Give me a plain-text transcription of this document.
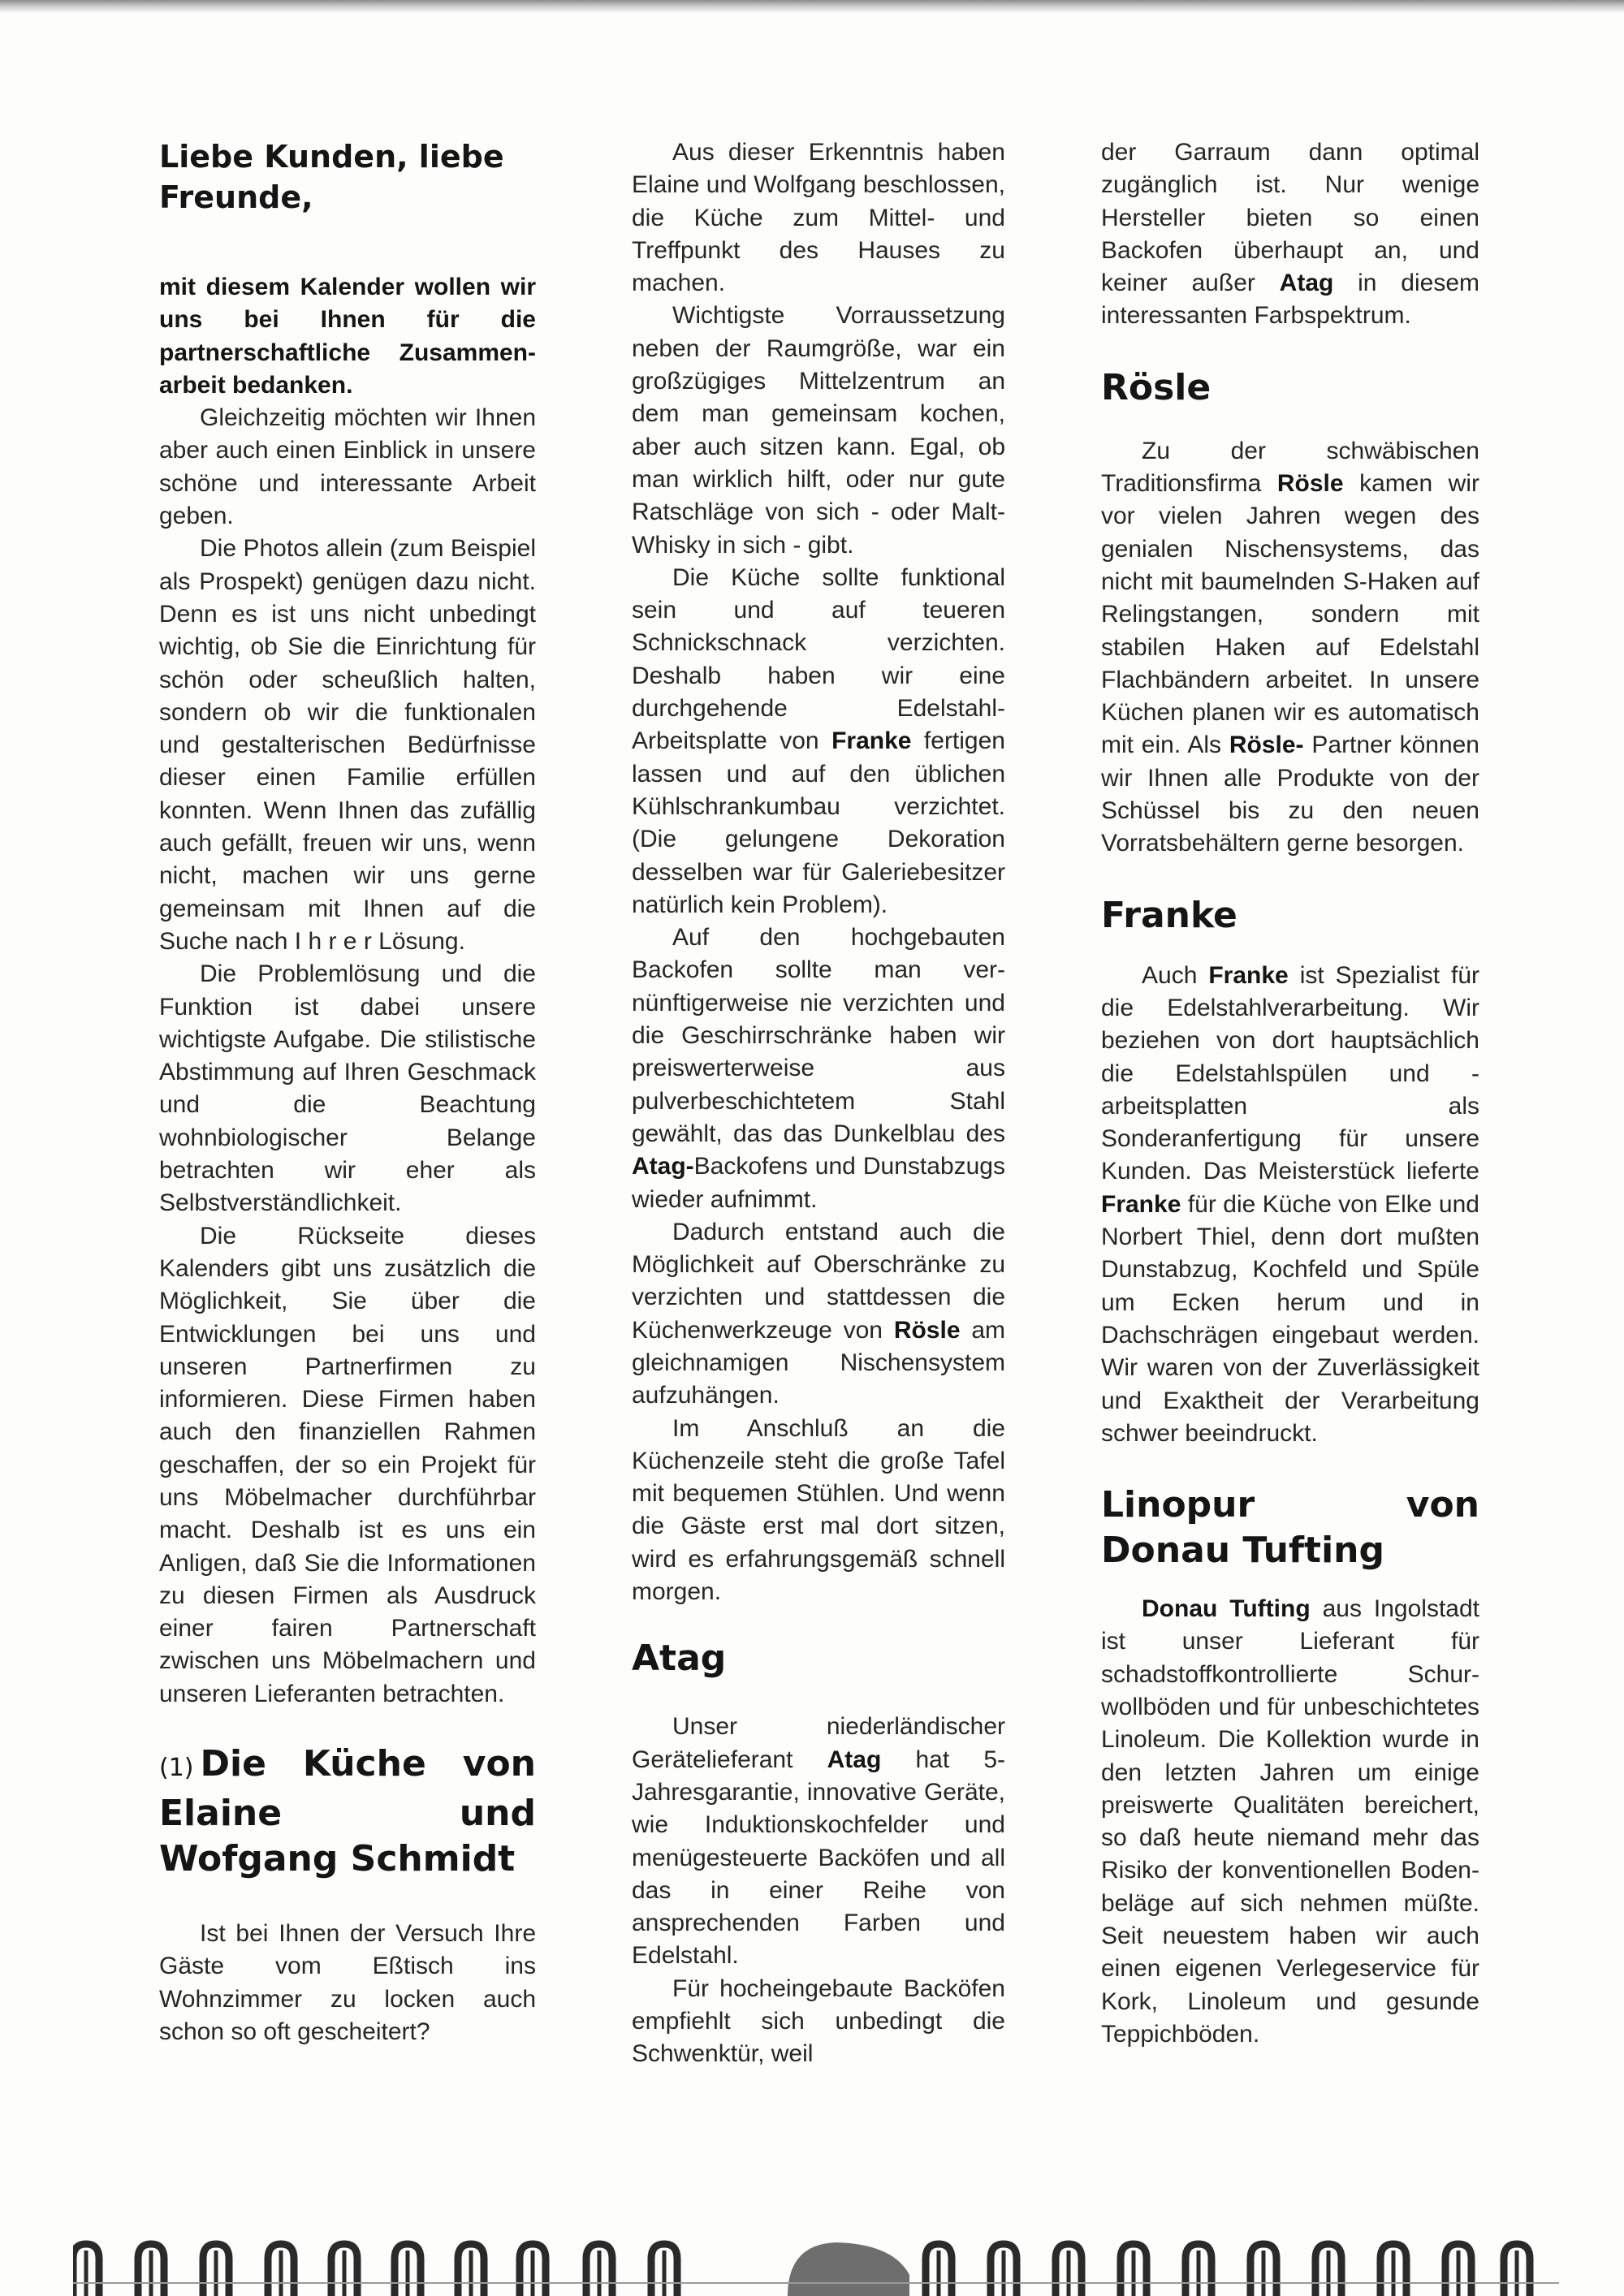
Liebe Kunden, liebe Freunde,

mit diesem Kalender wollen wir uns bei Ihnen für die partnerschaftliche Zusammenarbeit bedanken.

Gleichzeitig möchten wir Ihnen aber auch einen Einblick in unsere schöne und interessante Arbeit geben.

Die Photos allein (zum Beispiel als Prospekt) genügen dazu nicht. Denn es ist uns nicht unbedingt wichtig, ob Sie die Einrichtung für schön oder scheußlich halten, sondern ob wir die funktionalen und gestalterischen Bedürfnisse dieser einen Familie erfüllen konnten. Wenn Ihnen das zufällig auch gefällt, freuen wir uns, wenn nicht, machen wir uns gerne gemeinsam mit Ihnen auf die Suche nach I h r e r Lösung.

Die Problemlösung und die Funktion ist dabei unsere wichtigste Aufgabe. Die stilistische Abstimmung auf Ihren Geschmack und die Beachtung wohnbiologischer Belange betrachten wir eher als Selbstverständlichkeit.

Die Rückseite dieses Kalenders gibt uns zusätzlich die Möglichkeit, Sie über die Entwicklungen bei uns und unseren Partnerfirmen zu informieren. Diese Firmen haben auch den finanziellen Rahmen geschaffen, der so ein Projekt für uns Möbelmacher durchführbar macht. Deshalb ist es uns ein Anligen, daß Sie die Informationen zu diesen Firmen als Ausdruck einer fairen Partnerschaft zwischen uns Möbelmachern und unseren Lieferanten betrachten.

(1) Die Küche von Elaine und Wofgang Schmidt

Ist bei Ihnen der Versuch Ihre Gäste vom Eßtisch ins Wohnzimmer zu locken auch schon so oft gescheitert?

Aus dieser Erkenntnis haben Elaine und Wolfgang beschlossen, die Küche zum Mittel- und Treffpunkt des Hauses zu machen.

Wichtigste Vorraussetzung neben der Raumgröße, war ein großzügiges Mittelzentrum an dem man gemeinsam kochen, aber auch sitzen kann. Egal, ob man wirklich hilft, oder nur gute Ratschläge von sich - oder Malt-Whisky in sich - gibt.

Die Küche sollte funktional sein und auf teueren Schnickschnack verzichten. Deshalb haben wir eine durchgehende Edelstahl-Arbeitsplatte von Franke fertigen lassen und auf den üblichen Kühlschrankumbau verzichtet. (Die gelungene Dekoration desselben war für Galeriebesitzer natürlich kein Problem).

Auf den hochgebauten Backofen sollte man vernünftigerweise nie verzichten und die Geschirrschränke haben wir preiswerterweise aus pulverbeschichtetem Stahl gewählt, das das Dunkelblau des Atag-Backofens und Dunstabzugs wieder aufnimmt.

Dadurch entstand auch die Möglichkeit auf Oberschränke zu verzichten und stattdessen die Küchenwerkzeuge von Rösle am gleichnamigen Nischensystem aufzuhängen.

Im Anschluß an die Küchenzeile steht die große Tafel mit bequemen Stühlen. Und wenn die Gäste erst mal dort sitzen, wird es erfahrungsgemäß schnell morgen.

Atag

Unser niederländischer Gerätelieferant Atag hat 5-Jahresgarantie, innovative Geräte, wie Induktionskochfelder und menügesteuerte Backöfen und all das in einer Reihe von ansprechenden Farben und Edelstahl.

Für hocheingebaute Backöfen empfiehlt sich unbedingt die Schwenktür, weil

der Garraum dann optimal zugänglich ist. Nur wenige Hersteller bieten so einen Backofen überhaupt an, und keiner außer Atag in diesem interessanten Farbspektrum.

Rösle

Zu der schwäbischen Traditionsfirma Rösle kamen wir vor vielen Jahren wegen des genialen Nischensystems, das nicht mit baumelnden S-Haken auf Relingstangen, sondern mit stabilen Haken auf Edelstahl Flachbändern arbeitet. In unsere Küchen planen wir es automatisch mit ein. Als Rösle- Partner können wir Ihnen alle Produkte von der Schüssel bis zu den neuen Vorratsbehältern gerne besorgen.

Franke

Auch Franke ist Spezialist für die Edelstahlverarbeitung. Wir beziehen von dort hauptsächlich die Edelstahlspülen und -arbeitsplatten als Sonderanfertigung für unsere Kunden. Das Meisterstück lieferte Franke für die Küche von Elke und Norbert Thiel, denn dort mußten Dunstabzug, Kochfeld und Spüle um Ecken herum und in Dachschrägen eingebaut werden. Wir waren von der Zuverlässigkeit und Exaktheit der Verarbeitung schwer beeindruckt.

Linopur von Donau Tufting

Donau Tufting aus Ingolstadt ist unser Lieferant für schadstoffkontrollierte Schurwollböden und für unbeschichtetes Linoleum. Die Kollektion wurde in den letzten Jahren um einige preiswerte Qualitäten bereichert, so daß heute niemand mehr das Risiko der konventionellen Bodenbeläge auf sich nehmen müßte. Seit neuestem haben wir auch einen eigenen Verlegeservice für Kork, Linoleum und gesunde Teppichböden.
